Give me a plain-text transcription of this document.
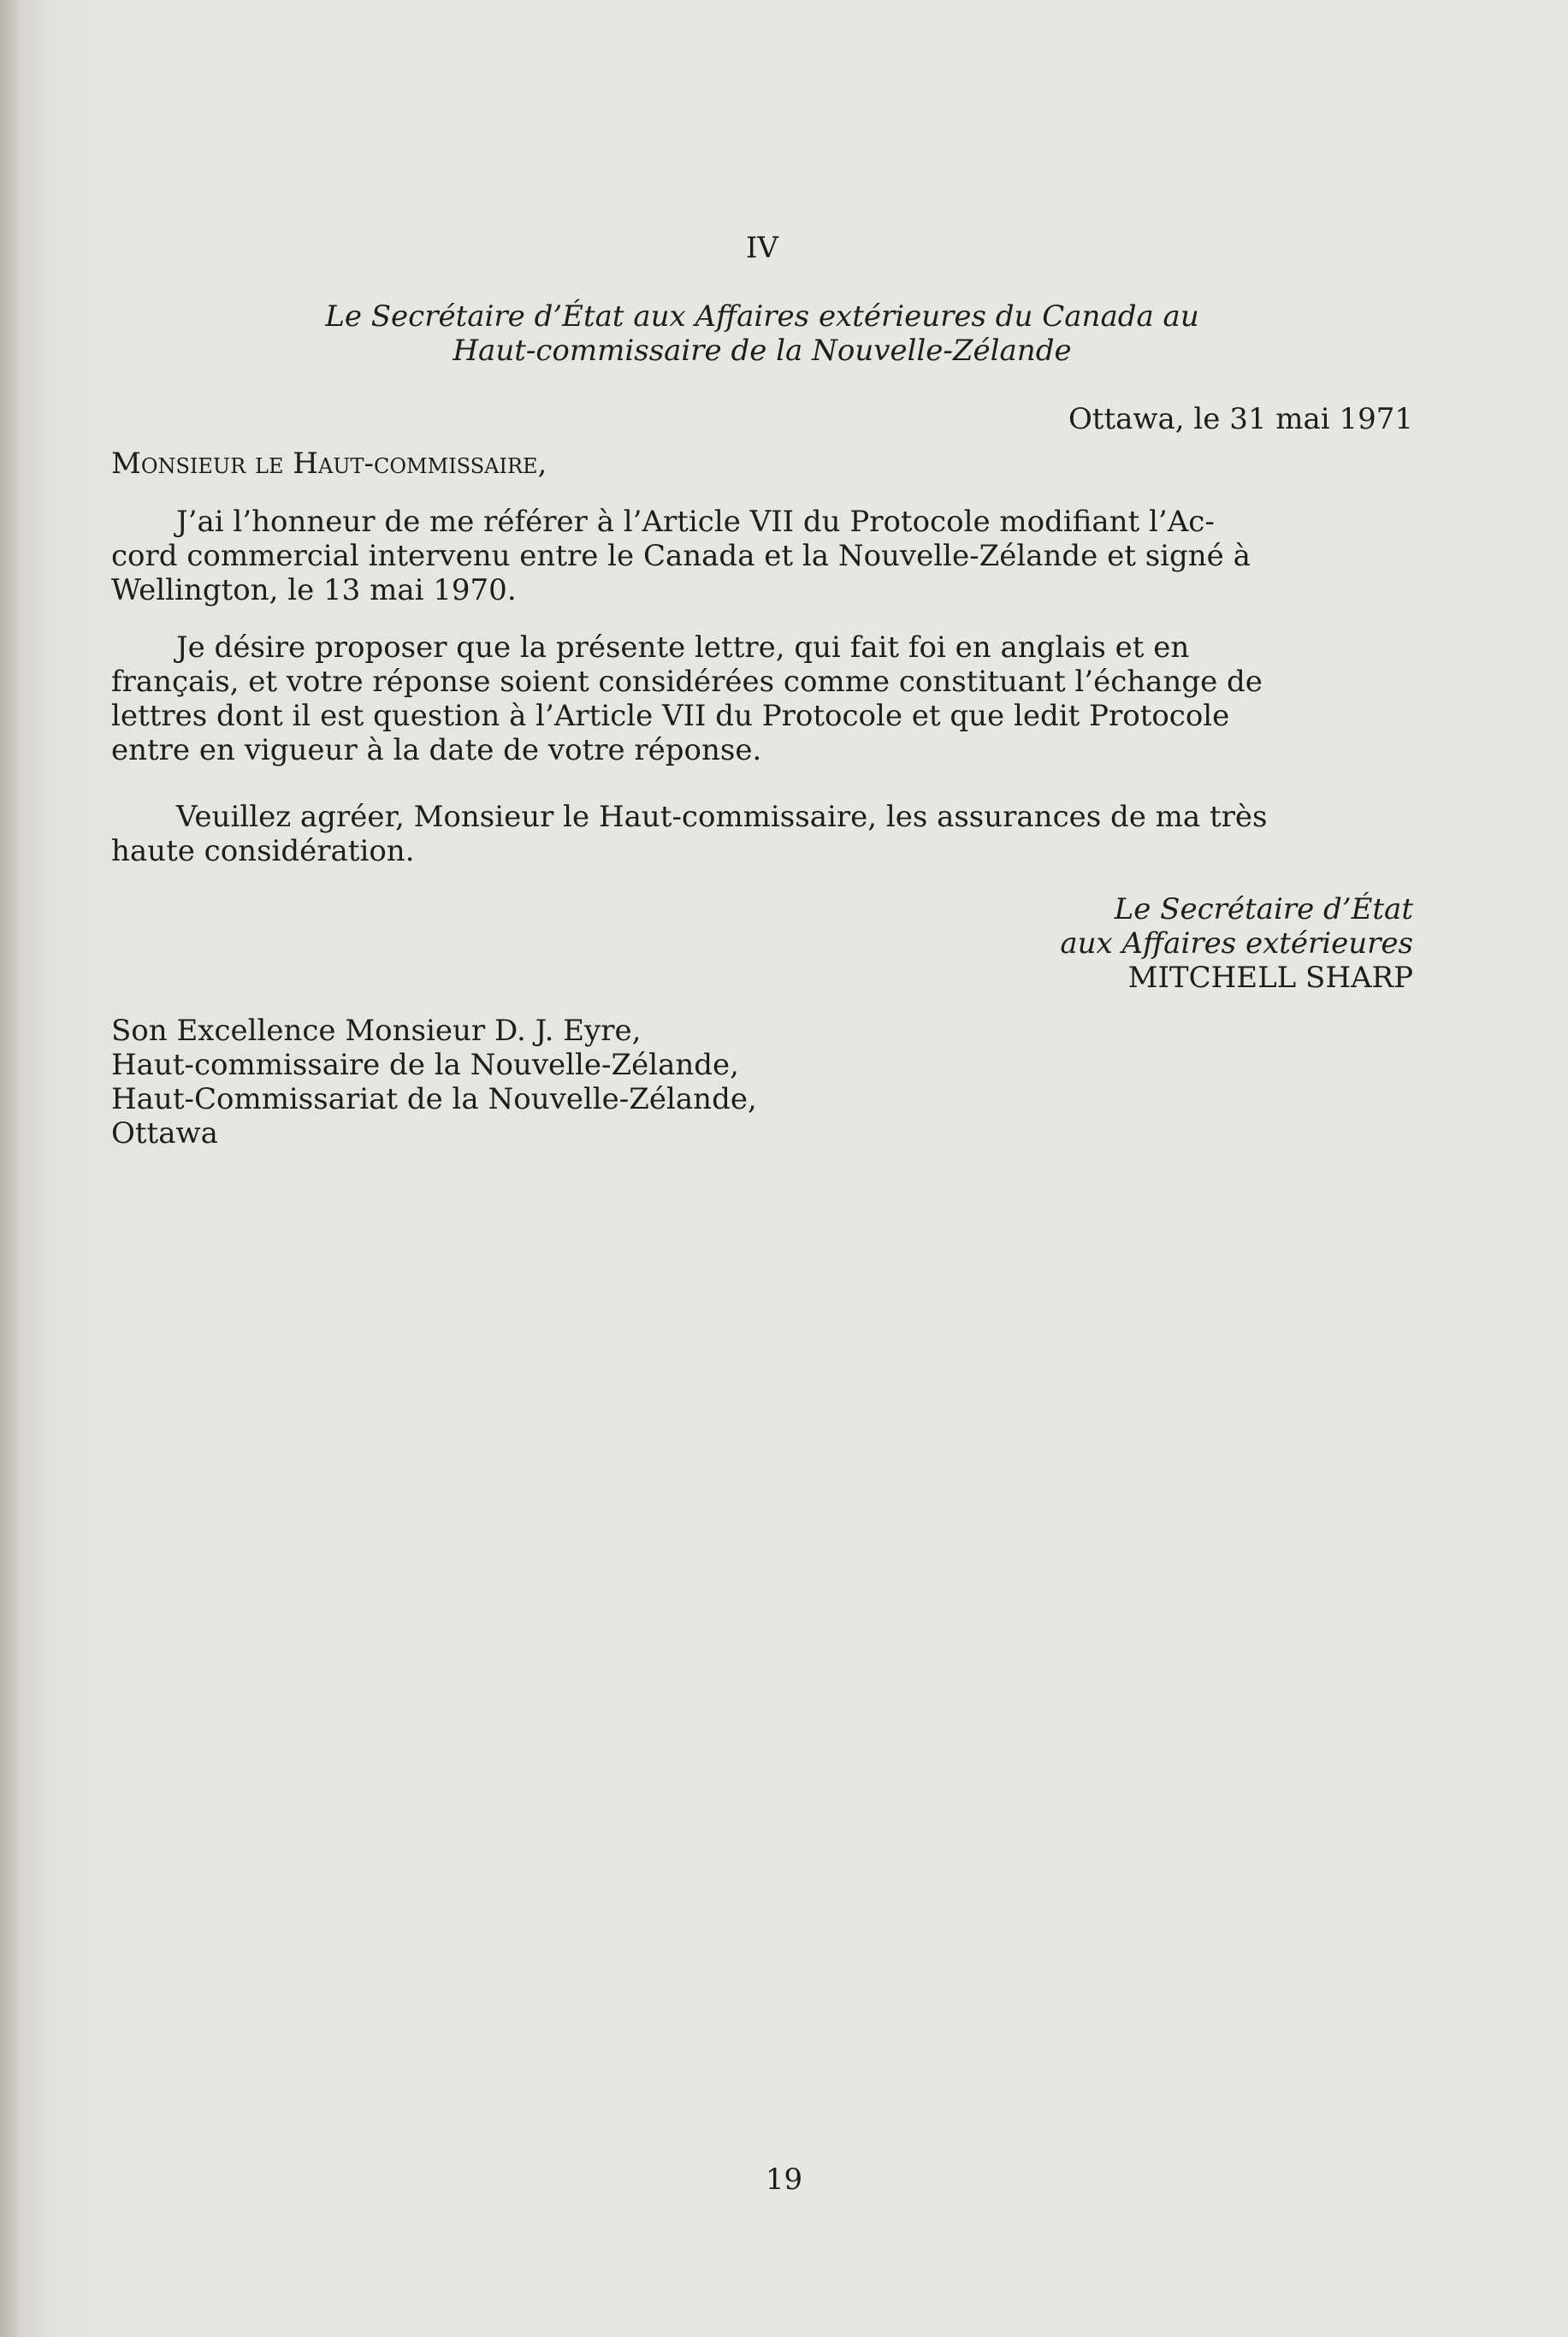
IV
Le Secrétaire d’État aux Affaires extérieures du Canada au
Haut-commissaire de la Nouvelle-Zélande
Ottawa, le 31 mai 1971
Monsieur le Haut-commissaire,
J’ai l’honneur de me référer à l’Article VII du Protocole modifiant l’Ac-
cord commercial intervenu entre le Canada et la Nouvelle-Zélande et signé à
Wellington, le 13 mai 1970.
Je désire proposer que la présente lettre, qui fait foi en anglais et en
français, et votre réponse soient considérées comme constituant l’échange de
lettres dont il est question à l’Article VII du Protocole et que ledit Protocole
entre en vigueur à la date de votre réponse.
Veuillez agréer, Monsieur le Haut-commissaire, les assurances de ma très
haute considération.
Le Secrétaire d’État
aux Affaires extérieures
MITCHELL SHARP
Son Excellence Monsieur D. J. Eyre,
Haut-commissaire de la Nouvelle-Zélande,
Haut-Commissariat de la Nouvelle-Zélande,
Ottawa
19
